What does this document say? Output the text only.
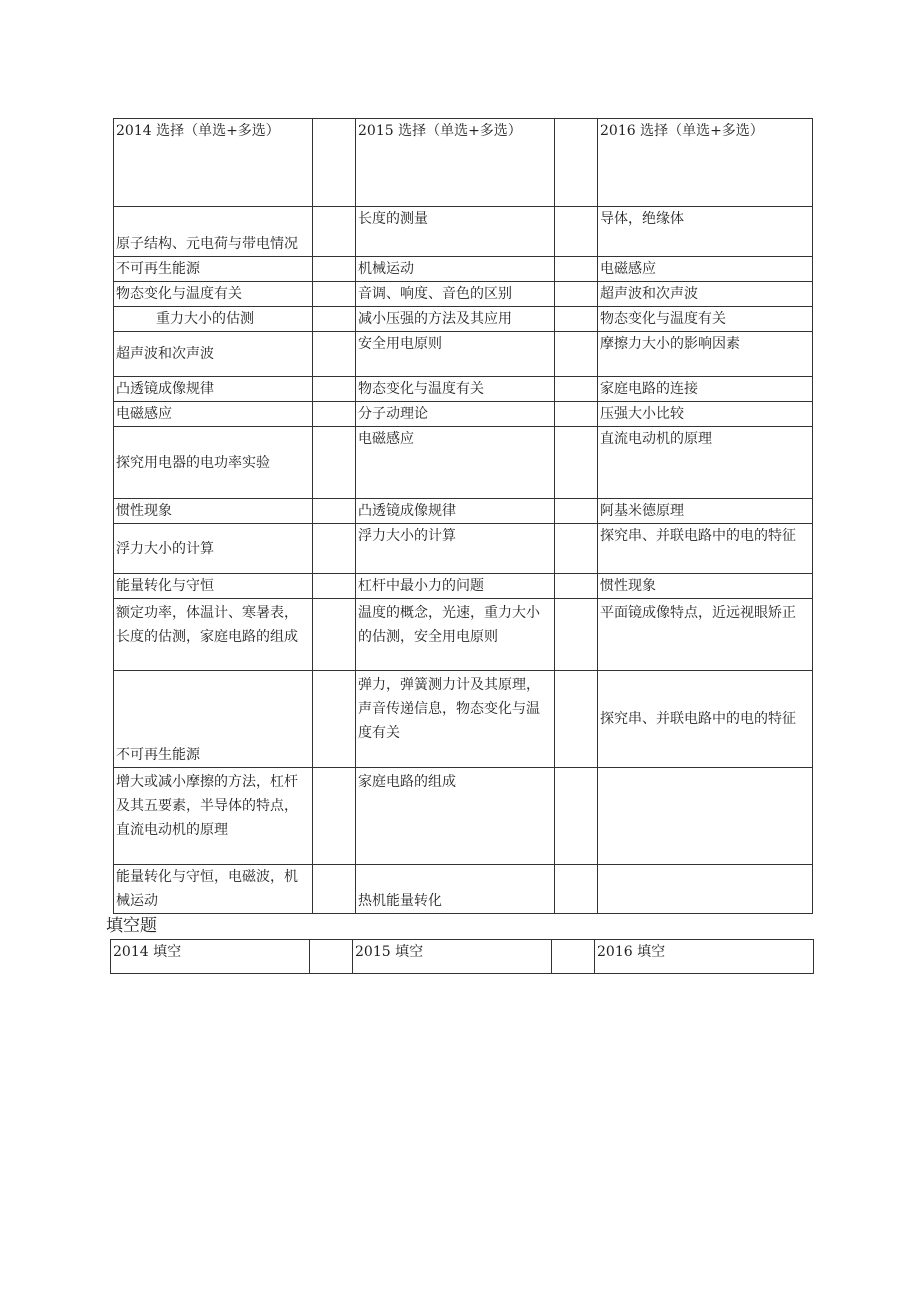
2014 选择（单选+多选）		2015 选择（单选+多选）		2016 选择（单选+多选）
原子结构、元电荷与带电情况		长度的测量		导体，绝缘体
不可再生能源		机械运动		电磁感应
物态变化与温度有关		音调、响度、音色的区别		超声波和次声波
重力大小的估测		减小压强的方法及其应用		物态变化与温度有关
超声波和次声波		安全用电原则		摩擦力大小的影响因素
凸透镜成像规律		物态变化与温度有关		家庭电路的连接
电磁感应		分子动理论		压强大小比较
探究用电器的电功率实验		电磁感应		直流电动机的原理
惯性现象		凸透镜成像规律		阿基米德原理
浮力大小的计算		浮力大小的计算		探究串、并联电路中的电的特征
能量转化与守恒		杠杆中最小力的问题		惯性现象
额定功率，体温计、寒暑表，长度的估测，家庭电路的组成		温度的概念，光速，重力大小的估测，安全用电原则		平面镜成像特点，近远视眼矫正
不可再生能源		弹力，弹簧测力计及其原理，声音传递信息，物态变化与温度有关		探究串、并联电路中的电的特征
增大或减小摩擦的方法，杠杆及其五要素，半导体的特点，直流电动机的原理		家庭电路的组成		
能量转化与守恒，电磁波，机械运动		热机能量转化		
填空题
2014 填空		2015 填空		2016 填空
